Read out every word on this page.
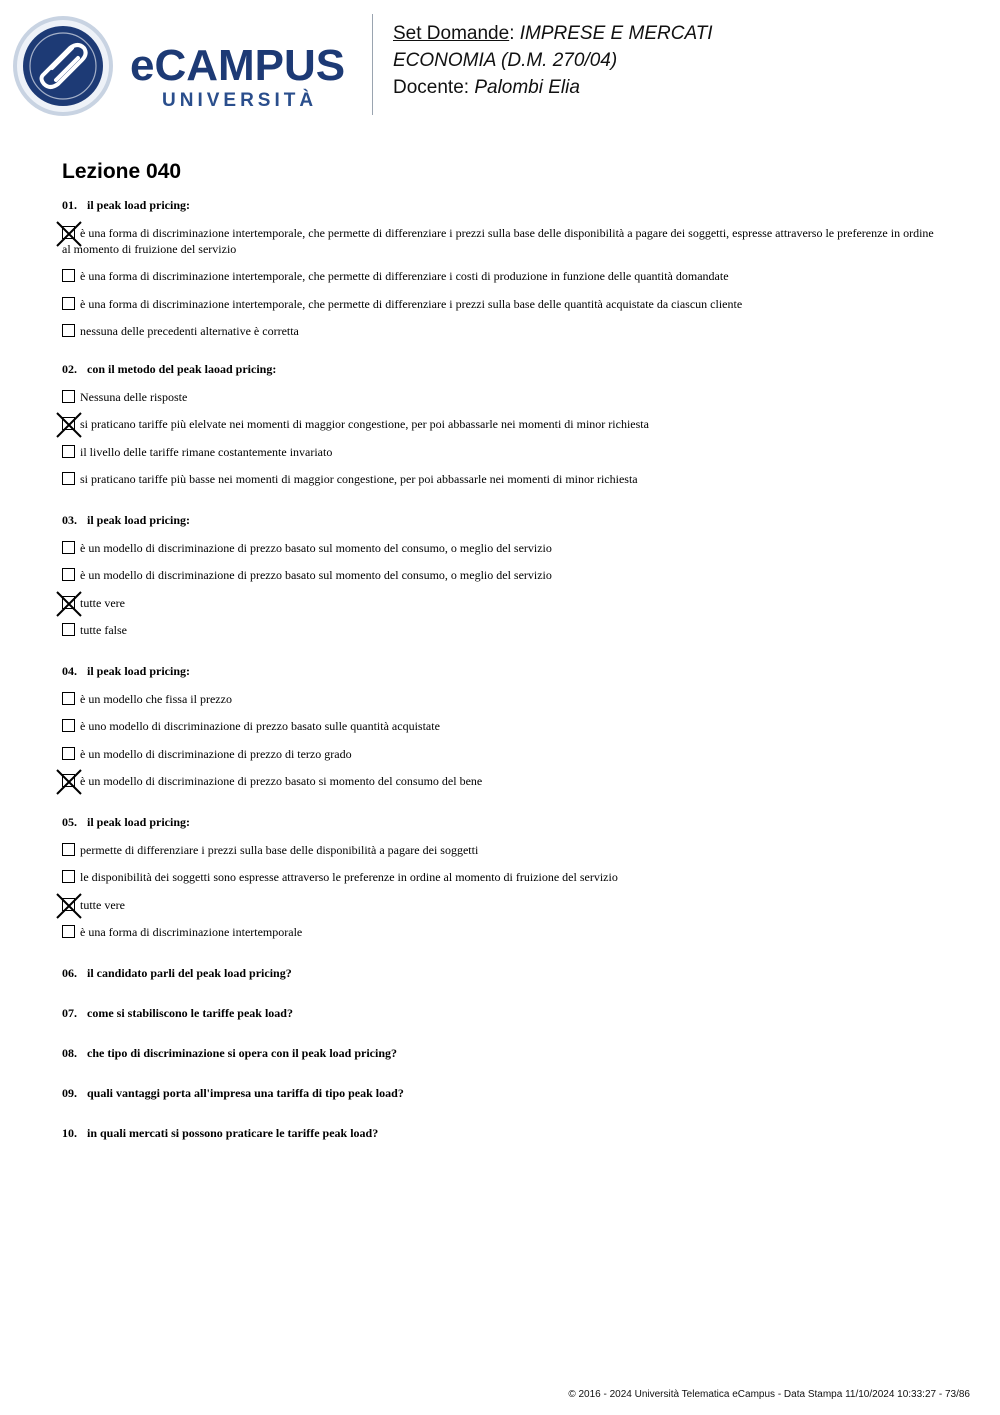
eCAMPUS
UNIVERSITÀ
Set Domande: IMPRESE E MERCATI
ECONOMIA (D.M. 270/04)
Docente: Palombi Elia
Lezione 040
01. il peak load pricing:
è una forma di discriminazione intertemporale, che permette di differenziare i prezzi sulla base delle disponibilità a pagare dei soggetti, espresse attraverso le preferenze in ordine al momento di fruizione del servizio
è una forma di discriminazione intertemporale, che permette di differenziare i costi di produzione in funzione delle quantità domandate
è una forma di discriminazione intertemporale, che permette di differenziare i prezzi sulla base delle quantità acquistate da ciascun cliente
nessuna delle precedenti alternative è corretta
02. con il metodo del peak laoad pricing:
Nessuna delle risposte
si praticano tariffe più elelvate nei momenti di maggior congestione, per poi abbassarle nei momenti di minor richiesta
il livello delle tariffe rimane costantemente invariato
si praticano tariffe più basse nei momenti di maggior congestione, per poi abbassarle nei momenti di minor richiesta
03. il peak load pricing:
è un modello di discriminazione di prezzo basato sul momento del consumo, o meglio del servizio
è un modello di discriminazione di prezzo basato sul momento del consumo, o meglio del servizio
tutte vere
tutte false
04. il peak load pricing:
è un modello che fissa il prezzo
è uno modello di discriminazione di prezzo basato sulle quantità acquistate
è un modello di discriminazione di prezzo di terzo grado
è un modello di discriminazione di prezzo basato si momento del consumo del bene
05. il peak load pricing:
permette di differenziare i prezzi sulla base delle disponibilità a pagare dei soggetti
le disponibilità dei soggetti sono espresse attraverso le preferenze in ordine al momento di fruizione del servizio
tutte vere
è una forma di discriminazione intertemporale
06. il candidato parli del peak load pricing?
07. come si stabiliscono le tariffe peak load?
08. che tipo di discriminazione si opera con il peak load pricing?
09. quali vantaggi porta all'impresa una tariffa di tipo peak load?
10. in quali mercati si possono praticare le tariffe peak load?
© 2016 - 2024 Università Telematica eCampus - Data Stampa 11/10/2024 10:33:27 - 73/86
